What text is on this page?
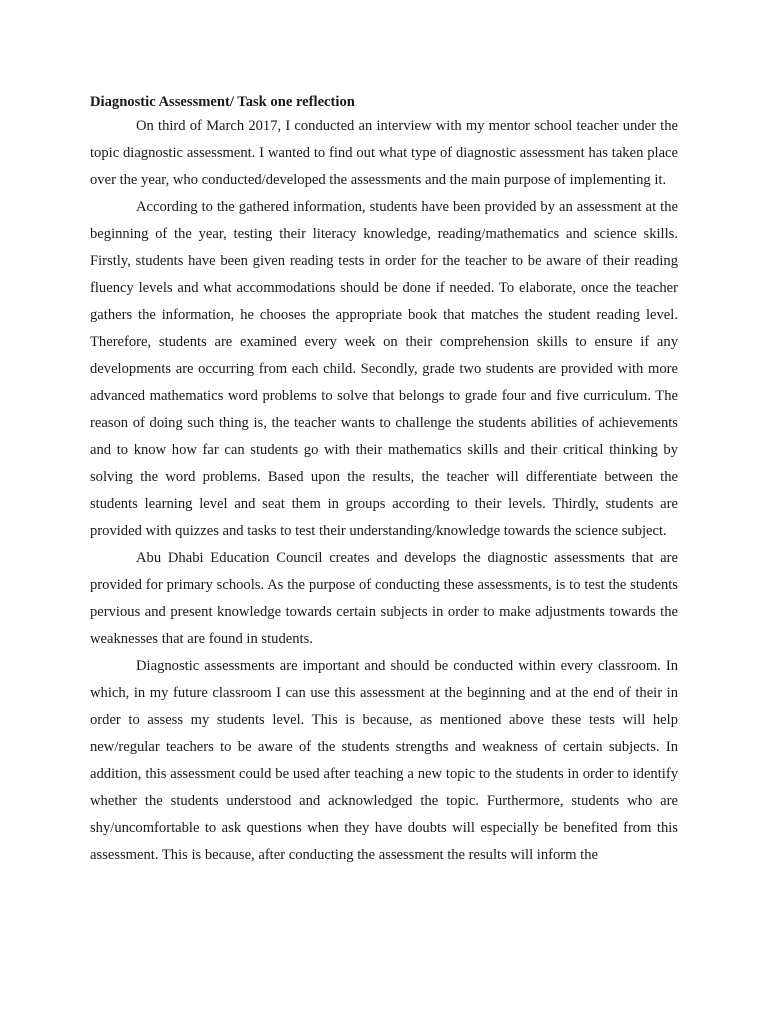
Diagnostic Assessment/ Task one reflection

On third of March 2017, I conducted an interview with my mentor school teacher under the topic diagnostic assessment. I wanted to find out what type of diagnostic assessment has taken place over the year, who conducted/developed the assessments and the main purpose of implementing it.

According to the gathered information, students have been provided by an assessment at the beginning of the year, testing their literacy knowledge, reading/mathematics and science skills. Firstly, students have been given reading tests in order for the teacher to be aware of their reading fluency levels and what accommodations should be done if needed. To elaborate, once the teacher gathers the information, he chooses the appropriate book that matches the student reading level. Therefore, students are examined every week on their comprehension skills to ensure if any developments are occurring from each child. Secondly, grade two students are provided with more advanced mathematics word problems to solve that belongs to grade four and five curriculum. The reason of doing such thing is, the teacher wants to challenge the students abilities of achievements and to know how far can students go with their mathematics skills and their critical thinking by solving the word problems. Based upon the results, the teacher will differentiate between the students learning level and seat them in groups according to their levels. Thirdly, students are provided with quizzes and tasks to test their understanding/knowledge towards the science subject.

Abu Dhabi Education Council creates and develops the diagnostic assessments that are provided for primary schools. As the purpose of conducting these assessments, is to test the students pervious and present knowledge towards certain subjects in order to make adjustments towards the weaknesses that are found in students.

Diagnostic assessments are important and should be conducted within every classroom. In which, in my future classroom I can use this assessment at the beginning and at the end of their in order to assess my students level. This is because, as mentioned above these tests will help new/regular teachers to be aware of the students strengths and weakness of certain subjects. In addition, this assessment could be used after teaching a new topic to the students in order to identify whether the students understood and acknowledged the topic. Furthermore, students who are shy/uncomfortable to ask questions when they have doubts will especially be benefited from this assessment. This is because, after conducting the assessment the results will inform the
